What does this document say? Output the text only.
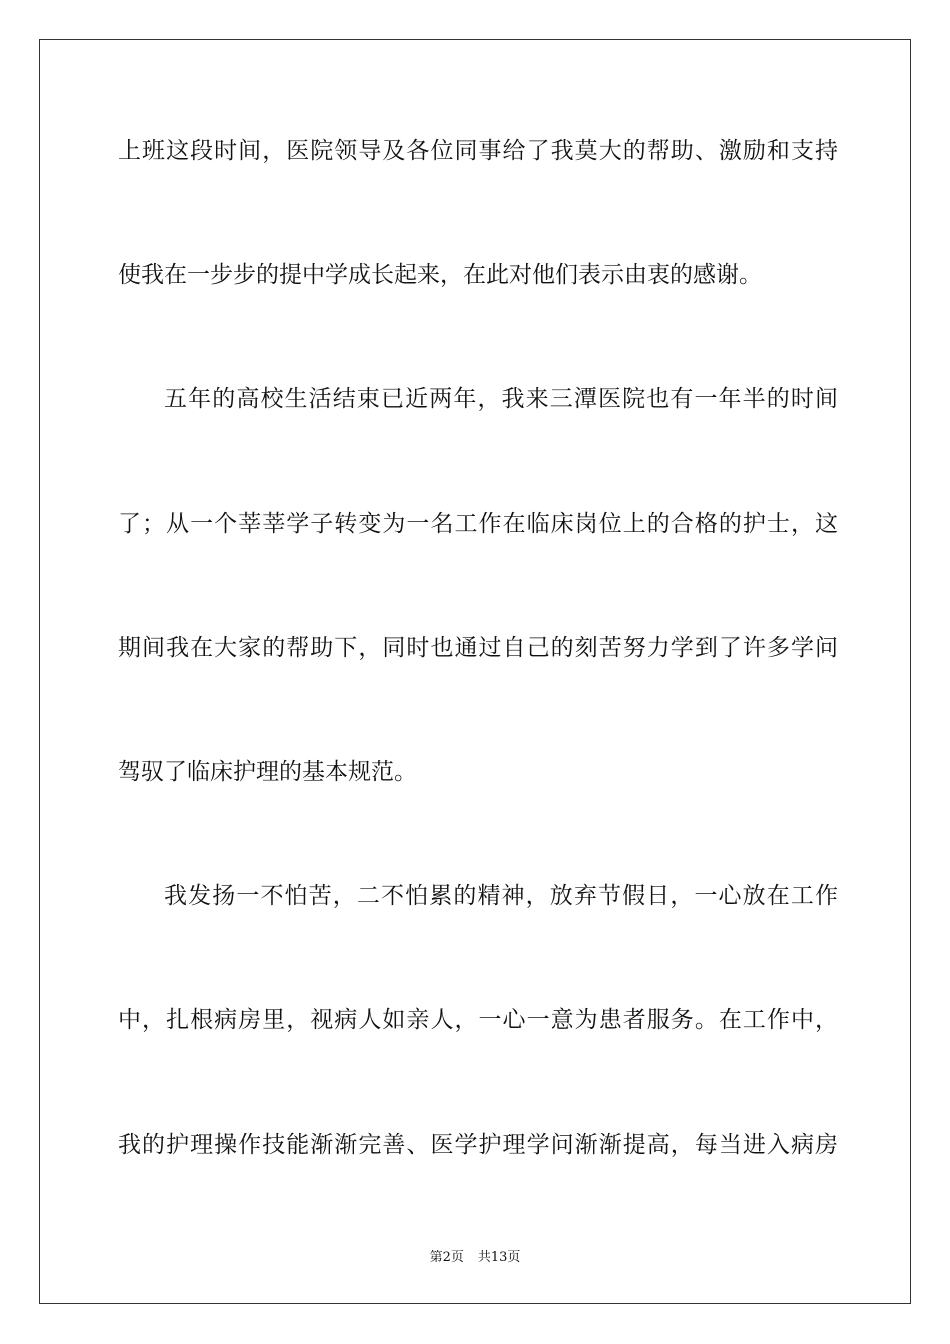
上班这段时间，医院领导及各位同事给了我莫大的帮助、激励和支持
使我在一步步的提中学成长起来，在此对他们表示由衷的感谢。
五年的高校生活结束已近两年，我来三潭医院也有一年半的时间
了；从一个莘莘学子转变为一名工作在临床岗位上的合格的护士，这
期间我在大家的帮助下，同时也通过自己的刻苦努力学到了许多学问
驾驭了临床护理的基本规范。
我发扬一不怕苦，二不怕累的精神，放弃节假日，一心放在工作
中，扎根病房里，视病人如亲人，一心一意为患者服务。在工作中，
我的护理操作技能渐渐完善、医学护理学问渐渐提高，每当进入病房
第2页 共13页
